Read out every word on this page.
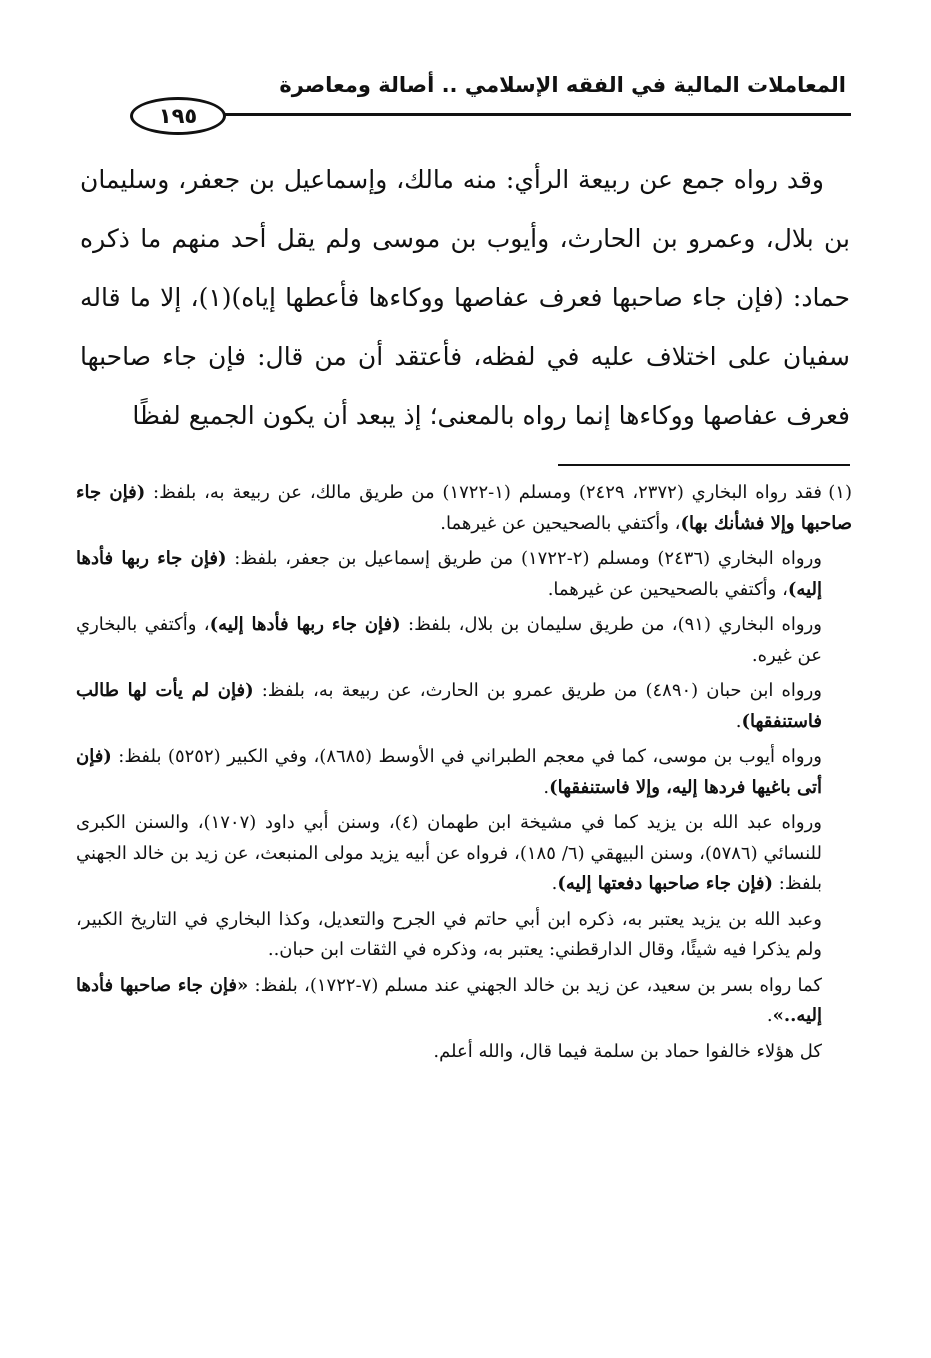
المعاملات المالية في الفقه الإسلامي .. أصالة ومعاصرة
١٩٥

وقد رواه جمع عن ربيعة الرأي: منه مالك، وإسماعيل بن جعفر، وسليمان بن بلال، وعمرو بن الحارث، وأيوب بن موسى ولم يقل أحد منهم ما ذكره حماد: (فإن جاء صاحبها فعرف عفاصها ووكاءها فأعطها إياه)(١)، إلا ما قاله سفيان على اختلاف عليه في لفظه، فأعتقد أن من قال: فإن جاء صاحبها فعرف عفاصها ووكاءها إنما رواه بالمعنى؛ إذ يبعد أن يكون الجميع لفظًا

(١)فقد رواه البخاري (٢٣٧٢، ٢٤٢٩) ومسلم (١-١٧٢٢) من طريق مالك، عن ربيعة به، بلفظ: (فإن جاء صاحبها وإلا فشأنك بها)، وأكتفي بالصحيحين عن غيرهما.

ورواه البخاري (٢٤٣٦) ومسلم (٢-١٧٢٢) من طريق إسماعيل بن جعفر، بلفظ: (فإن جاء ربها فأدها إليه)، وأكتفي بالصحيحين عن غيرهما.

ورواه البخاري (٩١)، من طريق سليمان بن بلال، بلفظ: (فإن جاء ربها فأدها إليه)، وأكتفي بالبخاري عن غيره.

ورواه ابن حبان (٤٨٩٠) من طريق عمرو بن الحارث، عن ربيعة به، بلفظ: (فإن لم يأت لها طالب فاستنفقها).

ورواه أيوب بن موسى، كما في معجم الطبراني في الأوسط (٨٦٨٥)، وفي الكبير (٥٢٥٢) بلفظ: (فإن أتى باغيها فردها إليه، وإلا فاستنفقها).

ورواه عبد الله بن يزيد كما في مشيخة ابن طهمان (٤)، وسنن أبي داود (١٧٠٧)، والسنن الكبرى للنسائي (٥٧٨٦)، وسنن البيهقي (٦/ ١٨٥)، فرواه عن أبيه يزيد مولى المنبعث، عن زيد بن خالد الجهني بلفظ: (فإن جاء صاحبها دفعتها إليه).

وعبد الله بن يزيد يعتبر به، ذكره ابن أبي حاتم في الجرح والتعديل، وكذا البخاري في التاريخ الكبير، ولم يذكرا فيه شيئًا، وقال الدارقطني: يعتبر به، وذكره في الثقات ابن حبان..

كما رواه بسر بن سعيد، عن زيد بن خالد الجهني عند مسلم (٧-١٧٢٢)، بلفظ: «فإن جاء صاحبها فأدها إليه..».

كل هؤلاء خالفوا حماد بن سلمة فيما قال، والله أعلم.
